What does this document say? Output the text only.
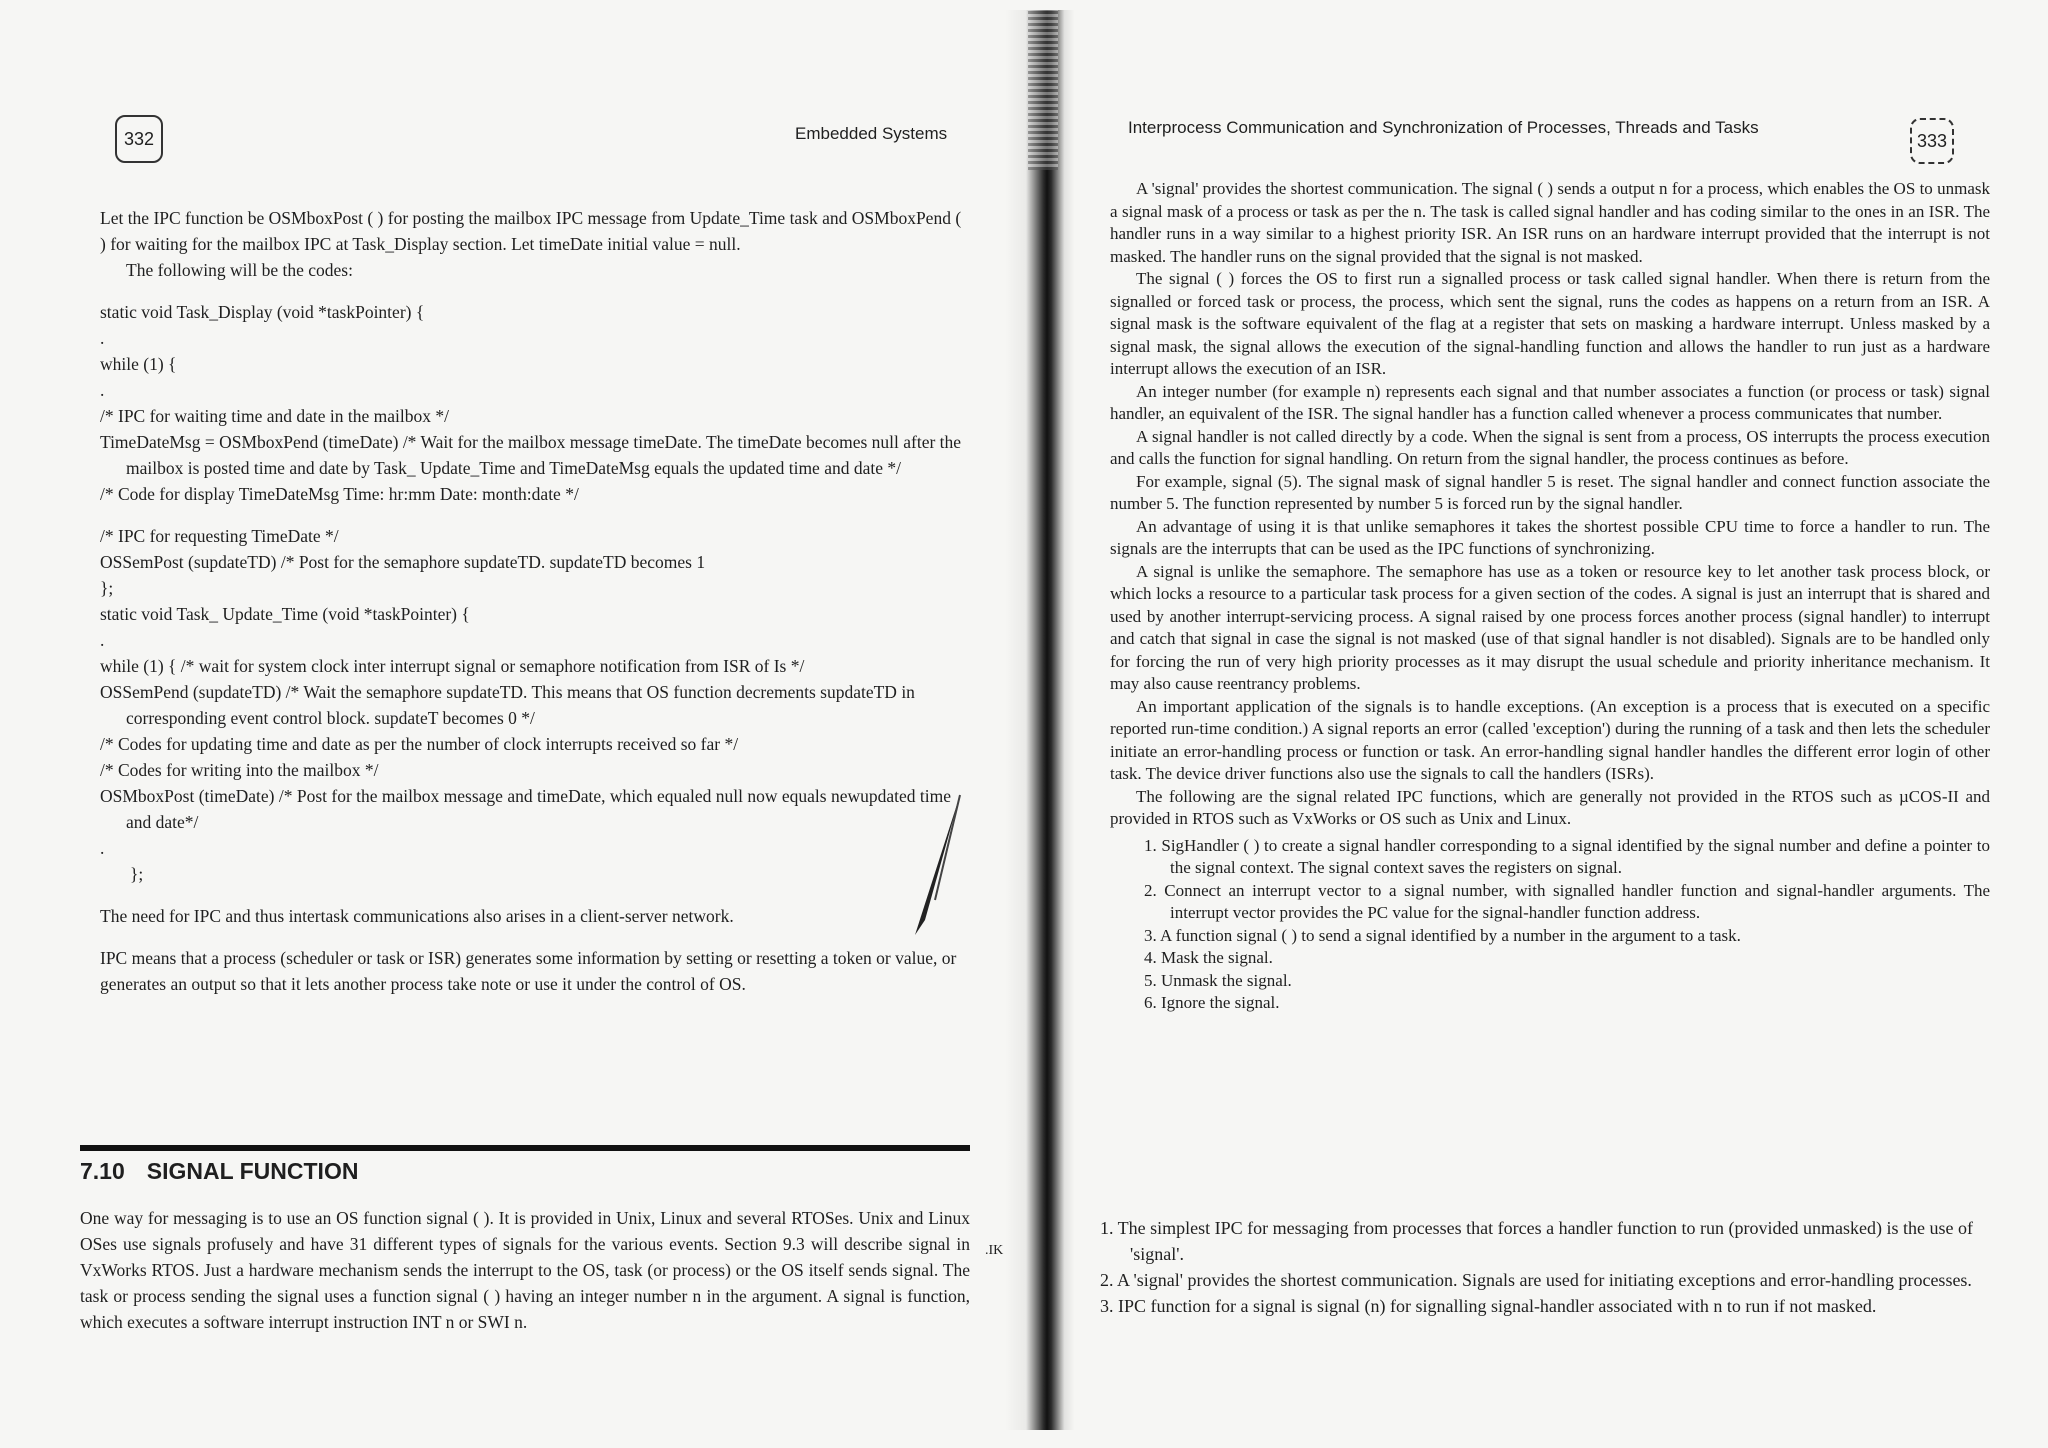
332	Embedded Systems

Let the IPC function be OSMboxPost ( ) for posting the mailbox IPC message from Update_Time task and OSMboxPend ( ) for waiting for the mailbox IPC at Task_Display section. Let timeDate initial value = null.

The following will be the codes:

static void Task_Display (void *taskPointer) {

.

while (1) {

.

/* IPC for waiting time and date in the mailbox */

TimeDateMsg = OSMboxPend (timeDate) /* Wait for the mailbox message timeDate. The timeDate becomes null after the mailbox is posted time and date by Task_ Update_Time and TimeDateMsg equals the updated time and date */

/* Code for display TimeDateMsg Time: hr:mm Date: month:date */

/* IPC for requesting TimeDate */

OSSemPost (supdateTD) /* Post for the semaphore supdateTD. supdateTD becomes 1

};

static void Task_ Update_Time (void *taskPointer) {

.

while (1) { /* wait for system clock inter interrupt signal or semaphore notification from ISR of Is */

OSSemPend (supdateTD) /* Wait the semaphore supdateTD. This means that OS function decrements supdateTD in corresponding event control block. supdateT becomes 0 */

/* Codes for updating time and date as per the number of clock interrupts received so far */

/* Codes for writing into the mailbox */

OSMboxPost (timeDate) /* Post for the mailbox message and timeDate, which equaled null now equals newupdated time and date*/

.

};

The need for IPC and thus intertask communications also arises in a client-server network.

IPC means that a process (scheduler or task or ISR) generates some information by setting or resetting a token or value, or generates an output so that it lets another process take note or use it under the control of OS.

7.10 SIGNAL FUNCTION
One way for messaging is to use an OS function signal ( ). It is provided in Unix, Linux and several RTOSes. Unix and Linux OSes use signals profusely and have 31 different types of signals for the various events. Section 9.3 will describe signal in VxWorks RTOS. Just a hardware mechanism sends the interrupt to the OS, task (or process) or the OS itself sends signal. The task or process sending the signal uses a function signal ( ) having an integer number n in the argument. A signal is function, which executes a software interrupt instruction INT n or SWI n.
.IK
Interprocess Communication and Synchronization of Processes, Threads and Tasks
333

A 'signal' provides the shortest communication. The signal ( ) sends a output n for a process, which enables the OS to unmask a signal mask of a process or task as per the n. The task is called signal handler and has coding similar to the ones in an ISR. The handler runs in a way similar to a highest priority ISR. An ISR runs on an hardware interrupt provided that the interrupt is not masked. The handler runs on the signal provided that the signal is not masked.

The signal ( ) forces the OS to first run a signalled process or task called signal handler. When there is return from the signalled or forced task or process, the process, which sent the signal, runs the codes as happens on a return from an ISR. A signal mask is the software equivalent of the flag at a register that sets on masking a hardware interrupt. Unless masked by a signal mask, the signal allows the execution of the signal-handling function and allows the handler to run just as a hardware interrupt allows the execution of an ISR.

An integer number (for example n) represents each signal and that number associates a function (or process or task) signal handler, an equivalent of the ISR. The signal handler has a function called whenever a process communicates that number.

A signal handler is not called directly by a code. When the signal is sent from a process, OS interrupts the process execution and calls the function for signal handling. On return from the signal handler, the process continues as before.

For example, signal (5). The signal mask of signal handler 5 is reset. The signal handler and connect function associate the number 5. The function represented by number 5 is forced run by the signal handler.

An advantage of using it is that unlike semaphores it takes the shortest possible CPU time to force a handler to run. The signals are the interrupts that can be used as the IPC functions of synchronizing.

A signal is unlike the semaphore. The semaphore has use as a token or resource key to let another task process block, or which locks a resource to a particular task process for a given section of the codes. A signal is just an interrupt that is shared and used by another interrupt-servicing process. A signal raised by one process forces another process (signal handler) to interrupt and catch that signal in case the signal is not masked (use of that signal handler is not disabled). Signals are to be handled only for forcing the run of very high priority processes as it may disrupt the usual schedule and priority inheritance mechanism. It may also cause reentrancy problems.

An important application of the signals is to handle exceptions. (An exception is a process that is executed on a specific reported run-time condition.) A signal reports an error (called 'exception') during the running of a task and then lets the scheduler initiate an error-handling process or function or task. An error-handling signal handler handles the different error login of other task. The device driver functions also use the signals to call the handlers (ISRs).

The following are the signal related IPC functions, which are generally not provided in the RTOS such as µCOS-II and provided in RTOS such as VxWorks or OS such as Unix and Linux.

1. SigHandler ( ) to create a signal handler corresponding to a signal identified by the signal number and define a pointer to the signal context. The signal context saves the registers on signal.
2. Connect an interrupt vector to a signal number, with signalled handler function and signal-handler arguments. The interrupt vector provides the PC value for the signal-handler function address.
3. A function signal ( ) to send a signal identified by a number in the argument to a task.
4. Mask the signal.
5. Unmask the signal.
6. Ignore the signal.
1. The simplest IPC for messaging from processes that forces a handler function to run (provided unmasked) is the use of 'signal'.
2. A 'signal' provides the shortest communication. Signals are used for initiating exceptions and error-handling processes.
3. IPC function for a signal is signal (n) for signalling signal-handler associated with n to run if not masked.
